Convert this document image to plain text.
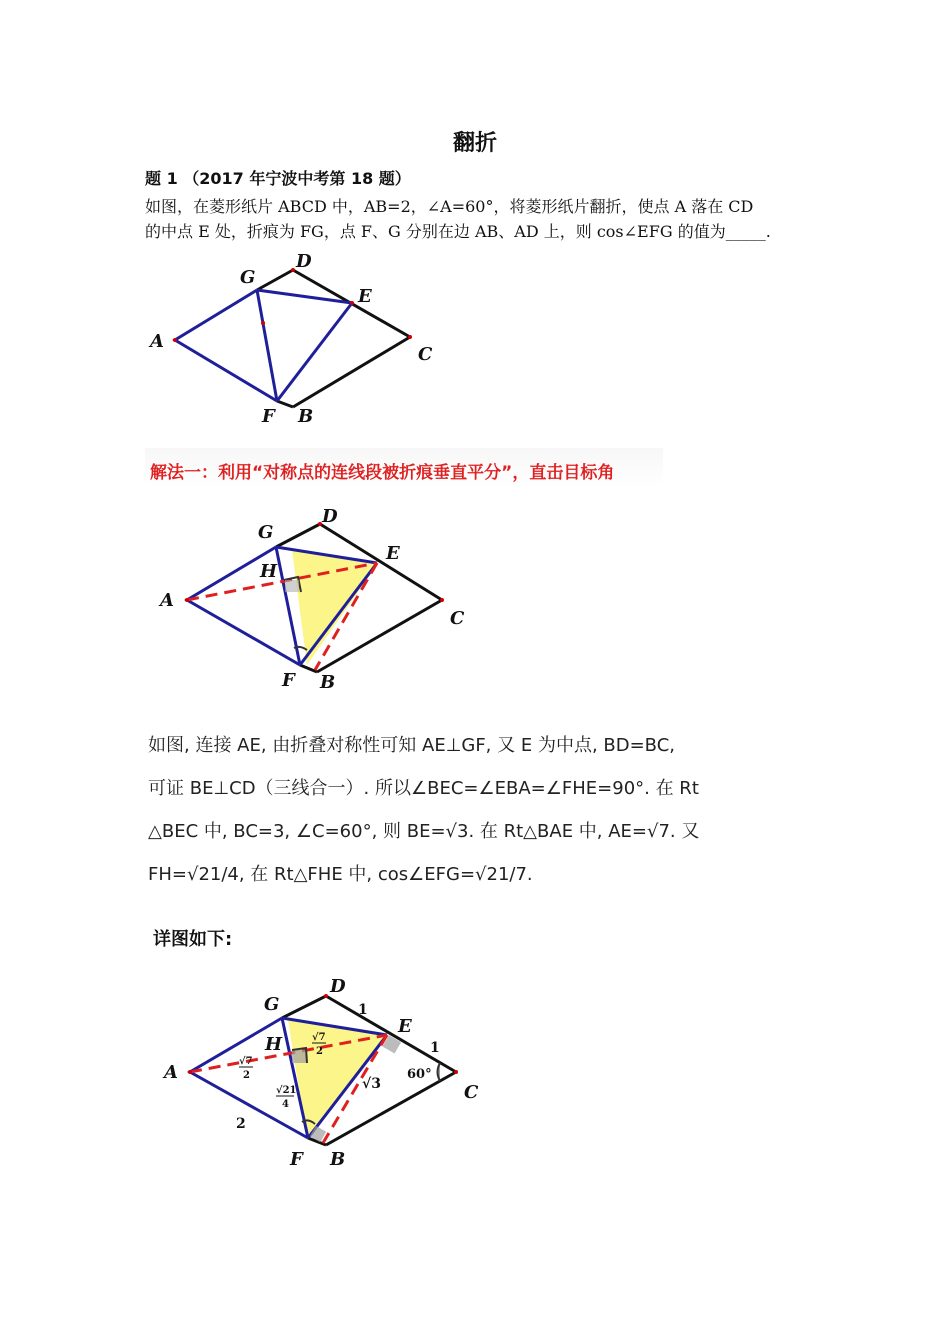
翻折
题 1 （2017 年宁波中考第 18 题）
如图，在菱形纸片 ABCD 中，AB=2，∠A=60°，将菱形纸片翻折，使点 A 落在 CD
的中点 E 处，折痕为 FG，点 F、G 分别在边 AB、AD 上，则 cos∠EFG 的值为_____.
A
G
D
E
C
F B
解法一：利用“对称点的连线段被折痕垂直平分”，直击目标角
A
G
D
H
E
C
F B
如图, 连接 AE, 由折叠对称性可知 AE⊥GF, 又 E 为中点, BD=BC,
可证 BE⊥CD（三线合一）. 所以∠BEC=∠EBA=∠FHE=90°. 在 Rt
△BEC 中, BC=3, ∠C=60°, 则 BE=√3. 在 Rt△BAE 中, AE=√7. 又
FH=√21/4, 在 Rt△FHE 中, cos∠EFG=√21/7.
详图如下:
A
G
D
H
E
C
F B
1
1
2
60°
√3
√7
2
√7
2
√21
4
